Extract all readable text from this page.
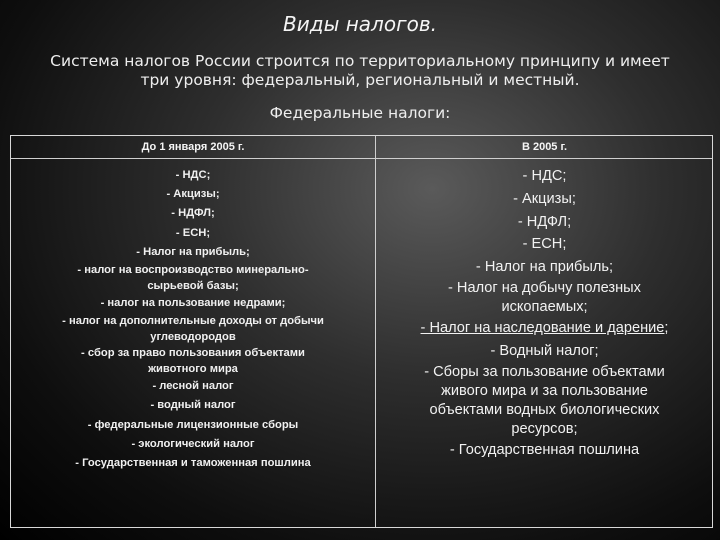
Виды налогов.
Система налогов России строится по территориальному принципу и имеет
три уровня: федеральный, региональный и местный.
Федеральные налоги:
До 1 января 2005 г.	В 2005 г.
- НДС;
- Акцизы;
- НДФЛ;
- ЕСН;
- Налог на прибыль;
- налог на воспроизводство минерально-
сырьевой базы;
- налог на пользование недрами;
- налог на дополнительные доходы от добычи
углеводородов
- сбор за право пользования объектами
животного мира
- лесной налог
- водный налог
- федеральные лицензионные сборы
- экологический налог
- Государственная и таможенная пошлина
- НДС;
- Акцизы;
- НДФЛ;
- ЕСН;
- Налог на прибыль;
- Налог на добычу полезных
ископаемых;
- Налог на наследование и дарение;
- Водный налог;
- Сборы за пользование объектами
живого мира и за пользование
объектами водных биологических
ресурсов;
- Государственная пошлина
